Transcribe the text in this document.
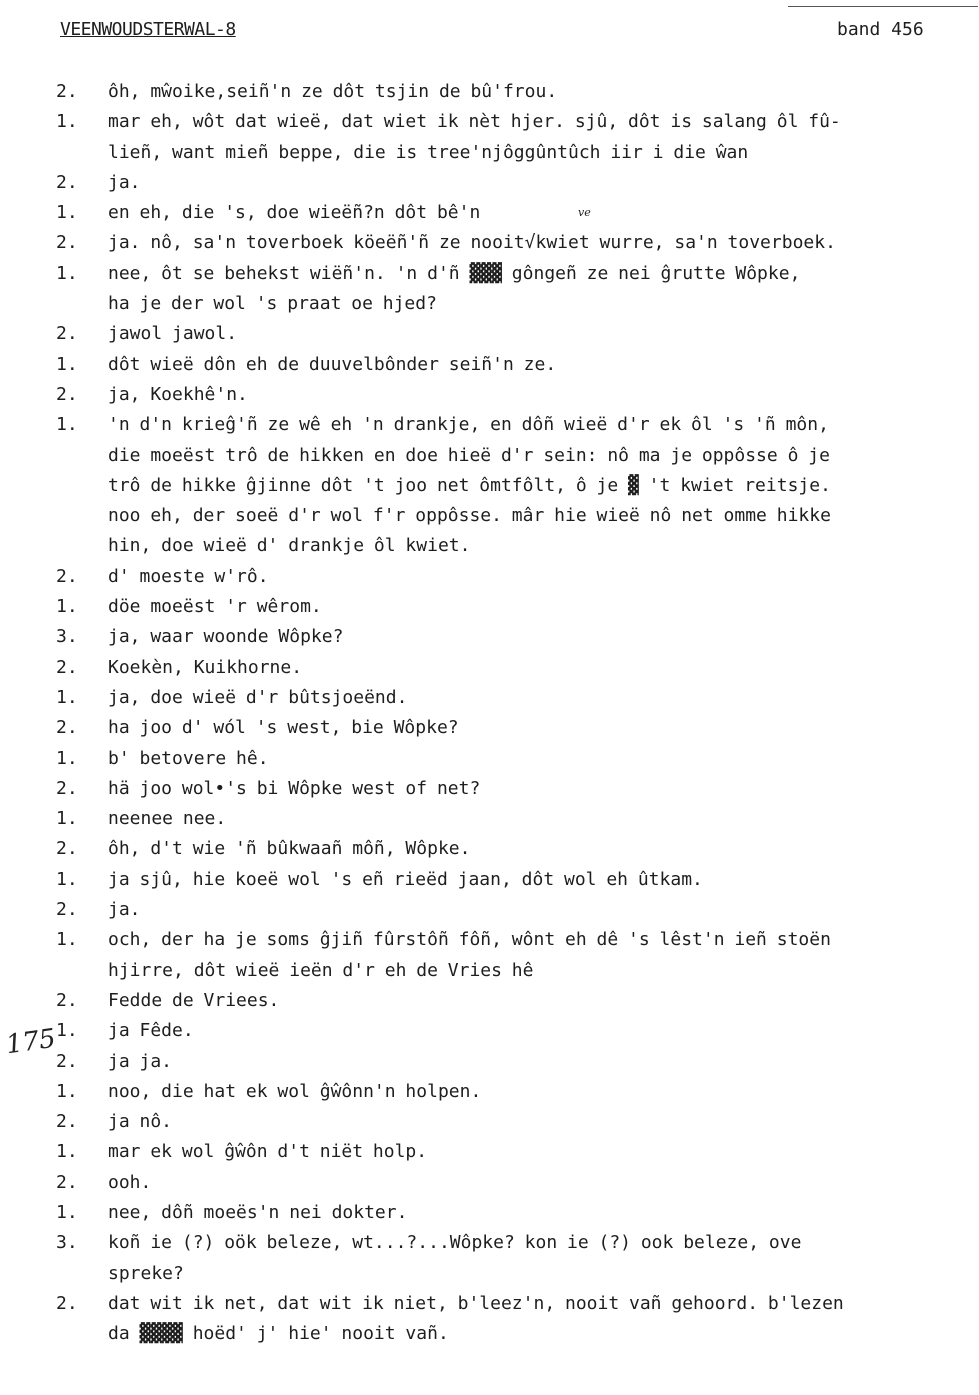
VEENWOUDSTERWAL-8	band 456
175
ve
2.	ôh, mŵoike,seiñ'n ze dôt tsjin de bû'frou.
1.	mar eh, wôt dat wieë, dat wiet ik nèt hjer. sjû, dôt is salang ôl fû-
lieñ, want mieñ beppe, die is tree'njôggûntûch iir i die ŵan
2.	ja.
1.	en eh, die 's, doe wieëñ?n dôt bê'n
2.	ja. nô, sa'n toverboek köeëñ'ñ ze nooit√kwiet wurre, sa'n toverboek.
1.	nee, ôt se behekst wiëñ'n. 'n d'ñ ▓▓▓ gôngeñ ze nei ĝrutte Wôpke,
ha je der wol 's praat oe hjed?
2.	jawol jawol.
1.	dôt wieë dôn eh de duuvelbônder seiñ'n ze.
2.	ja, Koekhê'n.
1.	'n d'n krieĝ'ñ ze wê eh 'n drankje, en dôñ wieë d'r ek ôl 's 'ñ môn,
die moeëst trô de hikken en doe hieë d'r sein: nô ma je oppôsse ô je
trô de hikke ĝjinne dôt 't joo net ômtfôlt, ô je ▓ 't kwiet reitsje.
noo eh, der soeë d'r wol f'r oppôsse. mâr hie wieë nô net omme hikke
hin, doe wieë d' drankje ôl kwiet.
2.	d' moeste w'rô.
1.	döe moeëst 'r wêrom.
3.	ja, waar woonde Wôpke?
2.	Koekèn, Kuikhorne.
1.	ja, doe wieë d'r bûtsjoeënd.
2.	ha joo d' wól 's west, bie Wôpke?
1.	b' betovere hê.
2.	hä joo wol•'s bi Wôpke west of net?
1.	neenee nee.
2.	ôh, d't wie 'ñ bûkwaañ môñ, Wôpke.
1.	ja sjû, hie koeë wol 's eñ rieëd jaan, dôt wol eh ûtkam.
2.	ja.
1.	och, der ha je soms ĝjiñ fûrstôñ fôñ, wônt eh dê 's lêst'n ieñ stoën
hjirre, dôt wieë ieën d'r eh de Vries hê
2.	Fedde de Vriees.
1.	ja Fêde.
2.	ja ja.
1.	noo, die hat ek wol ĝŵônn'n holpen.
2.	ja nô.
1.	mar ek wol ĝŵôn d't niët holp.
2.	ooh.
1.	nee, dôñ moeës'n nei dokter.
3.	koñ ie (?) oök beleze, wt...?...Wôpke? kon ie (?) ook beleze, ove
spreke?
2.	dat wit ik net, dat wit ik niet, b'leez'n, nooit vañ gehoord. b'lezen
da ▓▓▓▓ hoëd' j' hie' nooit vañ.
